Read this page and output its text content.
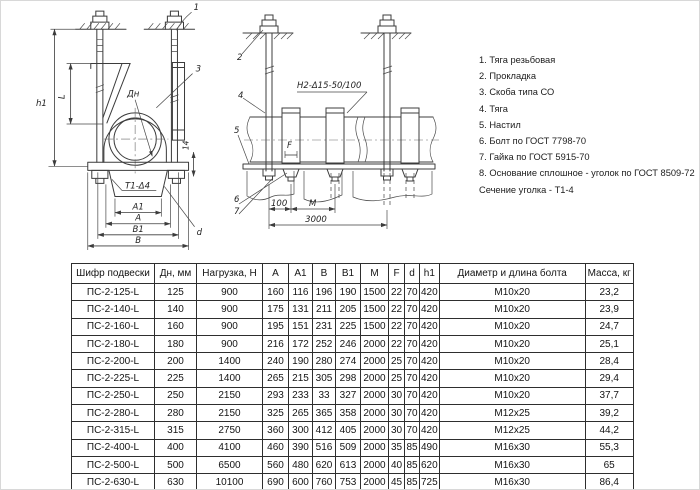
Т1-Δ4
А1
А
В1
В
h1
L	Дн
14
1
3
d
Н2-Δ15-50/100
F
2
4
5
6
7
100	М
3000
1. Тяга резьбовая
2. Прокладка
3. Скоба типа СО
4. Тяга
5. Настил
6. Болт по ГОСТ 7798-70
7. Гайка по ГОСТ 5915-70
8. Основание сплошное - уголок по ГОСТ 8509-72
Сечение уголка - Т1-4
Шифр подвески	Дн, мм	Нагрузка, Н	А	А1	В	В1	М	F	d	h1	Диаметр и длина болта	Масса, кг
ПС-2-125-L	125	900	160	116	196	190	1500	22	70	420	М10х20	23,2
ПС-2-140-L	140	900	175	131	211	205	1500	22	70	420	М10х20	23,9
ПС-2-160-L	160	900	195	151	231	225	1500	22	70	420	М10х20	24,7
ПС-2-180-L	180	900	216	172	252	246	2000	22	70	420	М10х20	25,1
ПС-2-200-L	200	1400	240	190	280	274	2000	25	70	420	М10х20	28,4
ПС-2-225-L	225	1400	265	215	305	298	2000	25	70	420	М10х20	29,4
ПС-2-250-L	250	2150	293	233	33	327	2000	30	70	420	М10х20	37,7
ПС-2-280-L	280	2150	325	265	365	358	2000	30	70	420	М12х25	39,2
ПС-2-315-L	315	2750	360	300	412	405	2000	30	70	420	М12х25	44,2
ПС-2-400-L	400	4100	460	390	516	509	2000	35	85	490	М16х30	55,3
ПС-2-500-L	500	6500	560	480	620	613	2000	40	85	620	М16х30	65
ПС-2-630-L	630	10100	690	600	760	753	2000	45	85	725	М16х30	86,4
